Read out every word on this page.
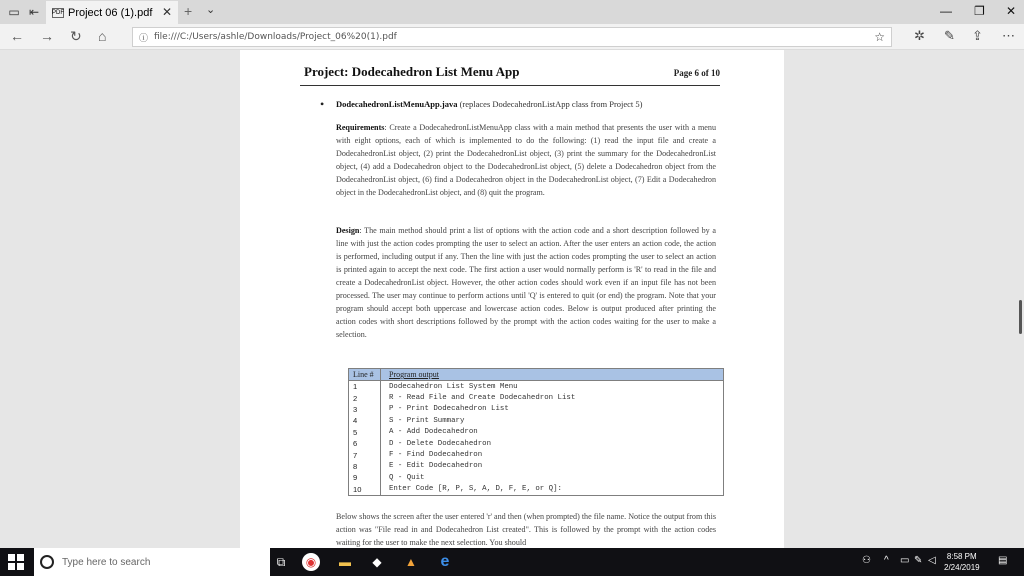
▭ ⇤	PDF Project 06 (1).pdf ✕ + ⌄	— ❐ ✕
← → ↻ ⌂	ⓘ file:///C:/Users/ashle/Downloads/Project_06%20(1).pdf	☆ ✲ ✎ ⇪ ⋯
Project: Dodecahedron List Menu App	Page 6 of 10
• DodecahedronListMenuApp.java (replaces DodecahedronListApp class from Project 5)
Requirements: Create a DodecahedronListMenuApp class with a main method that presents the user with a menu with eight options, each of which is implemented to do the following: (1) read the input file and create a DodecahedronList object, (2) print the DodecahedronList object, (3) print the summary for the DodecahedronList object, (4) add a Dodecahedron object to the DodecahedronList object, (5) delete a Dodecahedron object from the DodecahedronList object, (6) find a Dodecahedron object in the DodecahedronList object, (7) Edit a Dodecahedron object in the DodecahedronList object, and (8) quit the program.
Design: The main method should print a list of options with the action code and a short description followed by a line with just the action codes prompting the user to select an action. After the user enters an action code, the action is performed, including output if any. Then the line with just the action codes prompting the user to select an action is printed again to accept the next code. The first action a user would normally perform is 'R' to read in the file and create a DodecahedronList object. However, the other action codes should work even if an input file has not been processed. The user may continue to perform actions until 'Q' is entered to quit (or end) the program. Note that your program should accept both uppercase and lowercase action codes. Below is output produced after printing the action codes with short descriptions followed by the prompt with the action codes waiting for the user to make a selection.
Line #	Program output
1	Dodecahedron List System Menu
2	R - Read File and Create Dodecahedron List
3	P - Print Dodecahedron List
4	S - Print Summary
5	A - Add Dodecahedron
6	D - Delete Dodecahedron
7	F - Find Dodecahedron
8	E - Edit Dodecahedron
9	Q - Quit
10	Enter Code [R, P, S, A, D, F, E, or Q]:
Below shows the screen after the user entered 'r' and then (when prompted) the file name. Notice the output from this action was "File read in and Dodecahedron List created". This is followed by the prompt with the action codes waiting for the user to make the next selection. You should
Type here to search	🎙	⧉	◉	▬	◆	▲ e	⚇ ^ ▭ ✎ ◁	8:58 PM
2/24/2019
▤
